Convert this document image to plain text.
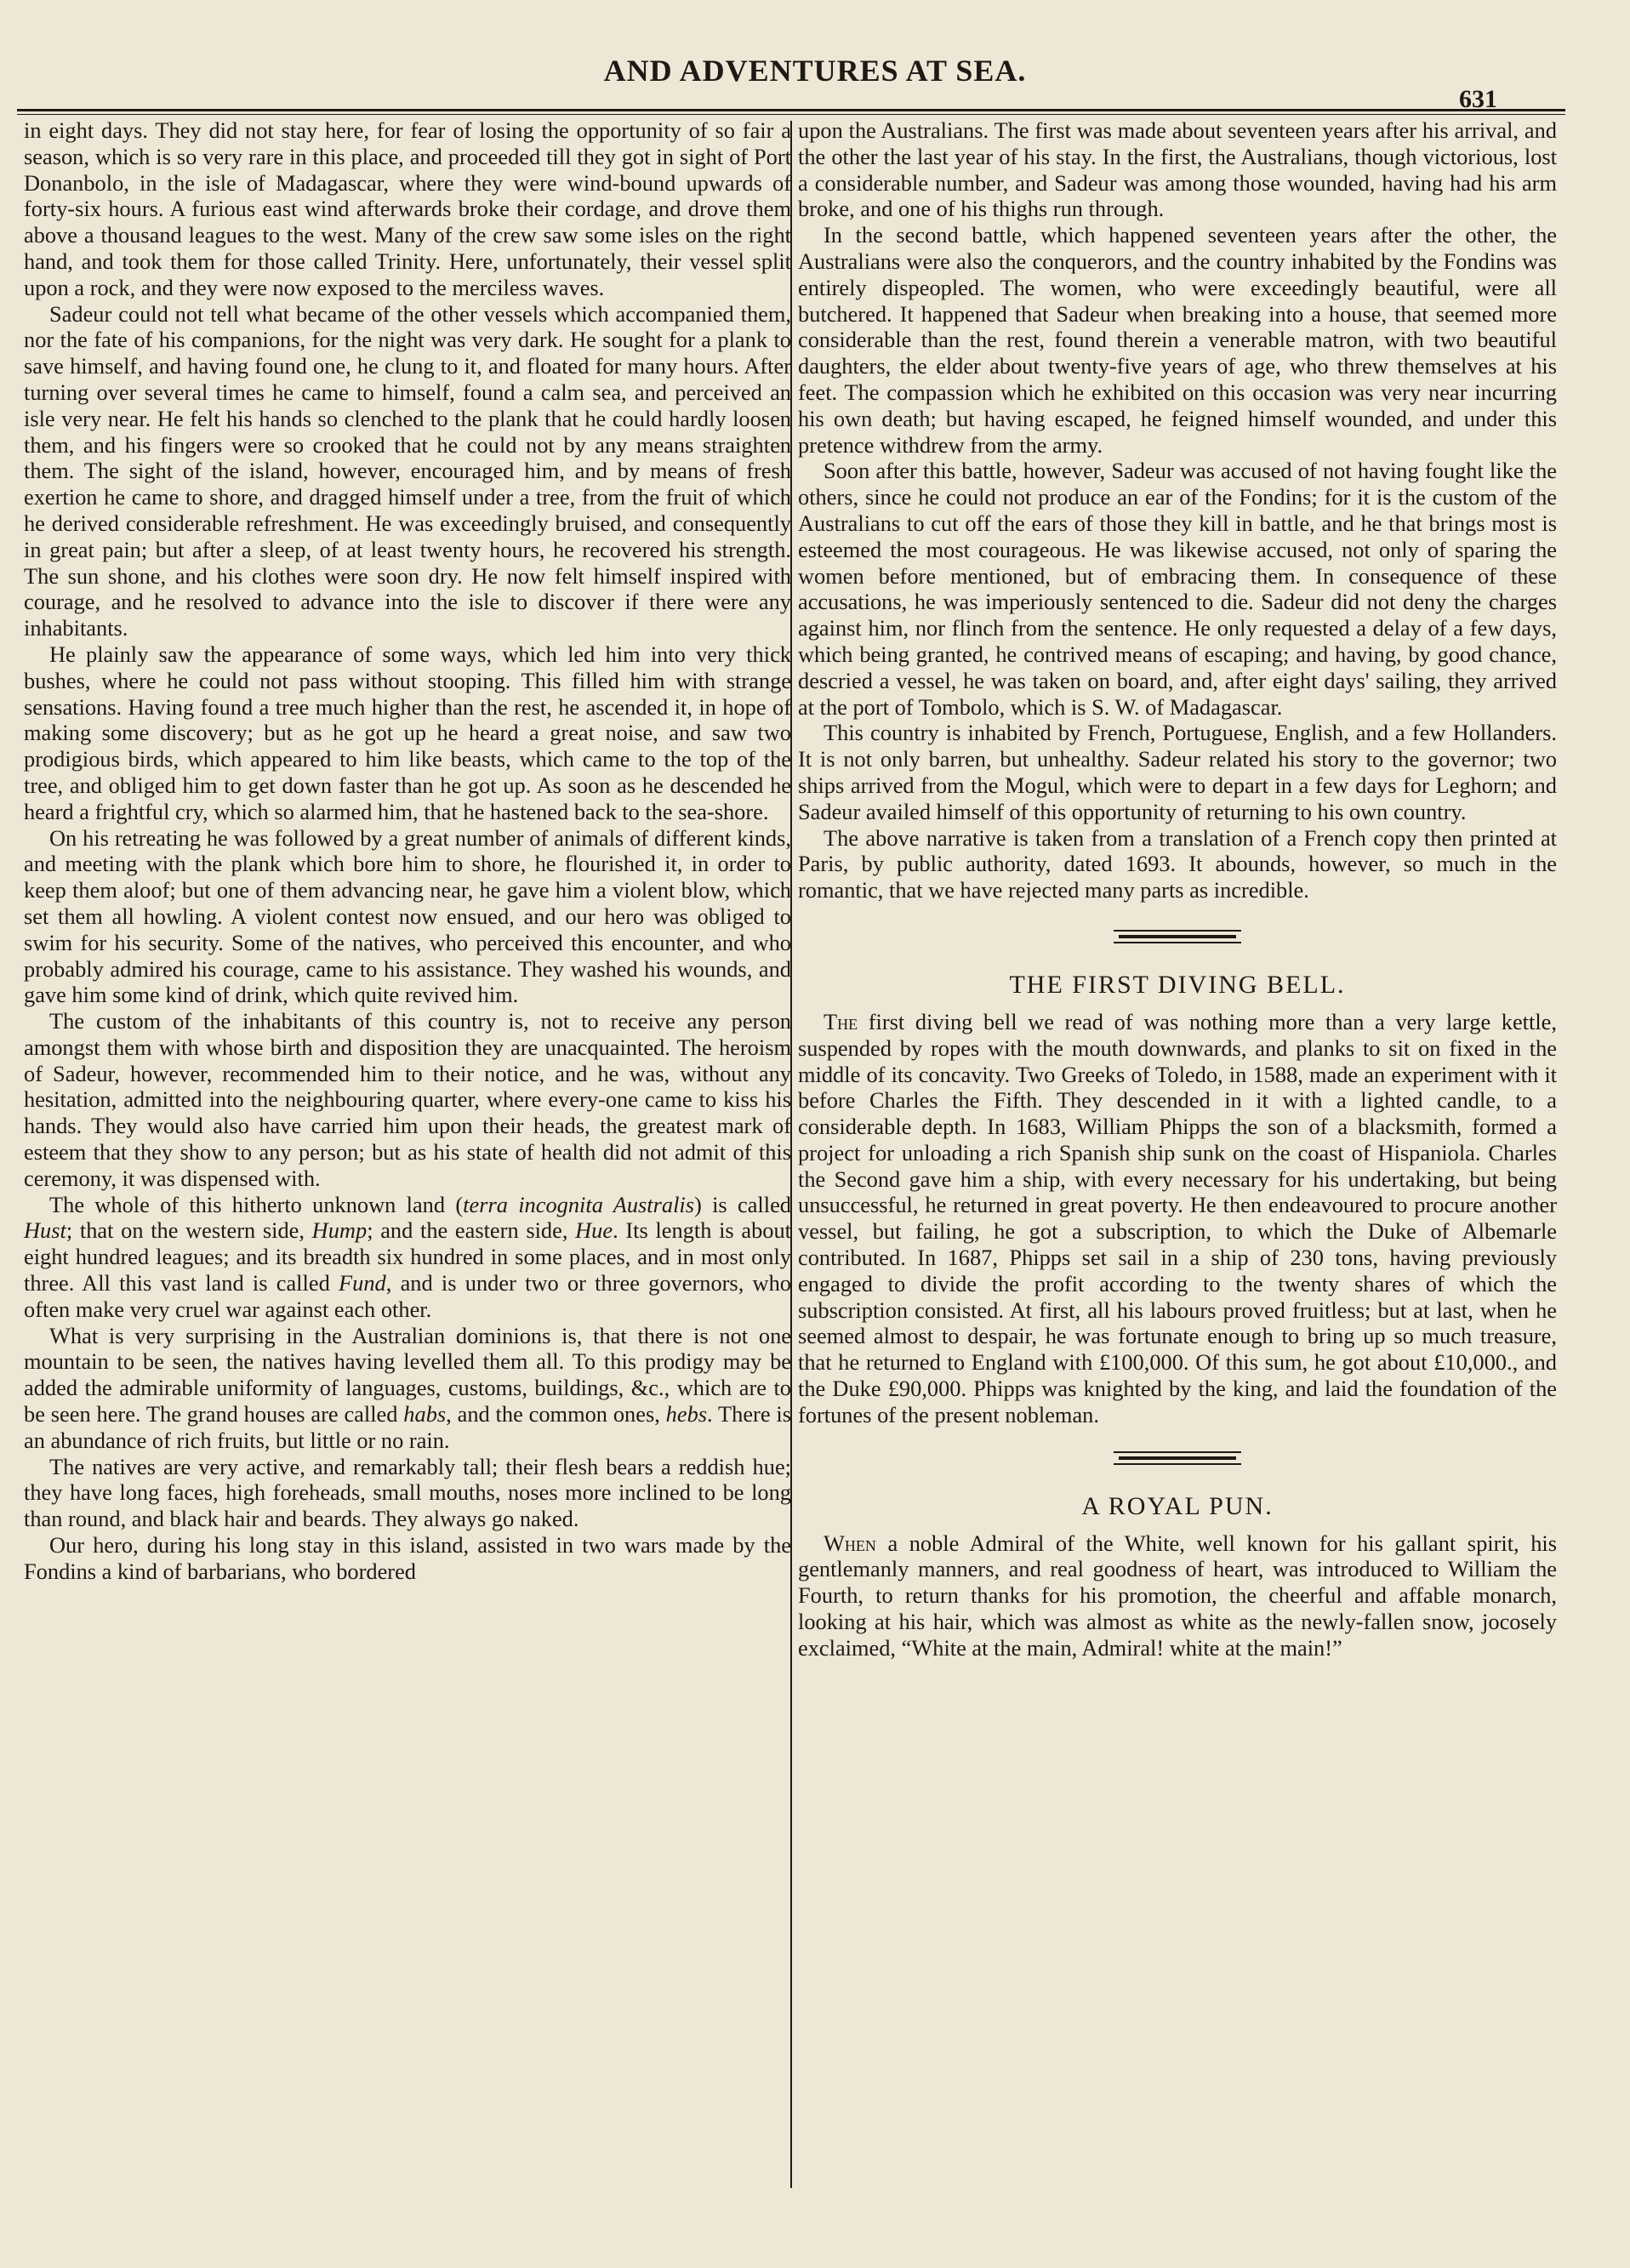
AND ADVENTURES AT SEA.
631

in eight days. They did not stay here, for fear of losing the opportunity of so fair a season, which is so very rare in this place, and proceeded till they got in sight of Port Donanbolo, in the isle of Madagascar, where they were wind-bound upwards of forty-six hours. A furious east wind afterwards broke their cordage, and drove them above a thousand leagues to the west. Many of the crew saw some isles on the right hand, and took them for those called Trinity. Here, unfortunately, their vessel split upon a rock, and they were now exposed to the merciless waves.

Sadeur could not tell what became of the other vessels which accompanied them, nor the fate of his companions, for the night was very dark. He sought for a plank to save himself, and having found one, he clung to it, and floated for many hours. After turning over several times he came to himself, found a calm sea, and perceived an isle very near. He felt his hands so clenched to the plank that he could hardly loosen them, and his fingers were so crooked that he could not by any means straighten them. The sight of the island, however, encouraged him, and by means of fresh exertion he came to shore, and dragged himself under a tree, from the fruit of which he derived considerable refreshment. He was exceedingly bruised, and consequently in great pain; but after a sleep, of at least twenty hours, he recovered his strength. The sun shone, and his clothes were soon dry. He now felt himself inspired with courage, and he resolved to advance into the isle to discover if there were any inhabitants.

He plainly saw the appearance of some ways, which led him into very thick bushes, where he could not pass without stooping. This filled him with strange sensations. Having found a tree much higher than the rest, he ascended it, in hope of making some discovery; but as he got up he heard a great noise, and saw two prodigious birds, which appeared to him like beasts, which came to the top of the tree, and obliged him to get down faster than he got up. As soon as he descended he heard a frightful cry, which so alarmed him, that he hastened back to the sea-shore.

On his retreating he was followed by a great number of animals of different kinds, and meeting with the plank which bore him to shore, he flourished it, in order to keep them aloof; but one of them advancing near, he gave him a violent blow, which set them all howling. A violent contest now ensued, and our hero was obliged to swim for his security. Some of the natives, who perceived this encounter, and who probably admired his courage, came to his assistance. They washed his wounds, and gave him some kind of drink, which quite revived him.

The custom of the inhabitants of this country is, not to receive any person amongst them with whose birth and disposition they are unacquainted. The heroism of Sadeur, however, recommended him to their notice, and he was, without any hesitation, admitted into the neighbouring quarter, where every-one came to kiss his hands. They would also have carried him upon their heads, the greatest mark of esteem that they show to any person; but as his state of health did not admit of this ceremony, it was dispensed with.

The whole of this hitherto unknown land (terra incognita Australis) is called Hust; that on the western side, Hump; and the eastern side, Hue. Its length is about eight hundred leagues; and its breadth six hundred in some places, and in most only three. All this vast land is called Fund, and is under two or three governors, who often make very cruel war against each other.

What is very surprising in the Australian dominions is, that there is not one mountain to be seen, the natives having levelled them all. To this prodigy may be added the admirable uniformity of languages, customs, buildings, &c., which are to be seen here. The grand houses are called habs, and the common ones, hebs. There is an abundance of rich fruits, but little or no rain.

The natives are very active, and remarkably tall; their flesh bears a reddish hue; they have long faces, high foreheads, small mouths, noses more inclined to be long than round, and black hair and beards. They always go naked.

Our hero, during his long stay in this island, assisted in two wars made by the Fondins a kind of barbarians, who bordered

upon the Australians. The first was made about seventeen years after his arrival, and the other the last year of his stay. In the first, the Australians, though victorious, lost a considerable number, and Sadeur was among those wounded, having had his arm broke, and one of his thighs run through.

In the second battle, which happened seventeen years after the other, the Australians were also the conquerors, and the country inhabited by the Fondins was entirely dispeopled. The women, who were exceedingly beautiful, were all butchered. It happened that Sadeur when breaking into a house, that seemed more considerable than the rest, found therein a venerable matron, with two beautiful daughters, the elder about twenty-five years of age, who threw themselves at his feet. The compassion which he exhibited on this occasion was very near incurring his own death; but having escaped, he feigned himself wounded, and under this pretence withdrew from the army.

Soon after this battle, however, Sadeur was accused of not having fought like the others, since he could not produce an ear of the Fondins; for it is the custom of the Australians to cut off the ears of those they kill in battle, and he that brings most is esteemed the most courageous. He was likewise accused, not only of sparing the women before mentioned, but of embracing them. In consequence of these accusations, he was imperiously sentenced to die. Sadeur did not deny the charges against him, nor flinch from the sentence. He only requested a delay of a few days, which being granted, he contrived means of escaping; and having, by good chance, descried a vessel, he was taken on board, and, after eight days' sailing, they arrived at the port of Tombolo, which is S. W. of Madagascar.

This country is inhabited by French, Portuguese, English, and a few Hollanders. It is not only barren, but unhealthy. Sadeur related his story to the governor; two ships arrived from the Mogul, which were to depart in a few days for Leghorn; and Sadeur availed himself of this opportunity of returning to his own country.

The above narrative is taken from a translation of a French copy then printed at Paris, by public authority, dated 1693. It abounds, however, so much in the romantic, that we have rejected many parts as incredible.

THE FIRST DIVING BELL.

The first diving bell we read of was nothing more than a very large kettle, suspended by ropes with the mouth downwards, and planks to sit on fixed in the middle of its concavity. Two Greeks of Toledo, in 1588, made an experiment with it before Charles the Fifth. They descended in it with a lighted candle, to a considerable depth. In 1683, William Phipps the son of a blacksmith, formed a project for unloading a rich Spanish ship sunk on the coast of Hispaniola. Charles the Second gave him a ship, with every necessary for his undertaking, but being unsuccessful, he returned in great poverty. He then endeavoured to procure another vessel, but failing, he got a subscription, to which the Duke of Albemarle contributed. In 1687, Phipps set sail in a ship of 230 tons, having previously engaged to divide the profit according to the twenty shares of which the subscription consisted. At first, all his labours proved fruitless; but at last, when he seemed almost to despair, he was fortunate enough to bring up so much treasure, that he returned to England with £100,000. Of this sum, he got about £10,000., and the Duke £90,000. Phipps was knighted by the king, and laid the foundation of the fortunes of the present nobleman.

A ROYAL PUN.

When a noble Admiral of the White, well known for his gallant spirit, his gentlemanly manners, and real goodness of heart, was introduced to William the Fourth, to return thanks for his promotion, the cheerful and affable monarch, looking at his hair, which was almost as white as the newly-fallen snow, jocosely exclaimed, “White at the main, Admiral! white at the main!”
